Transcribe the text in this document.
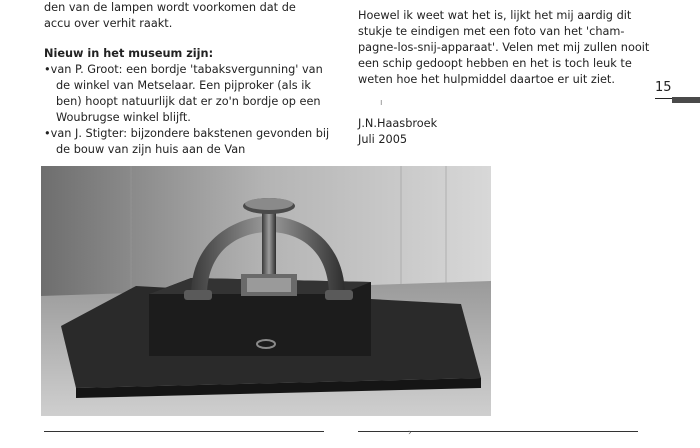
den van de lampen wordt voorkomen dat de
accu over verhit raakt.
Nieuw in het museum zijn:
•van P. Groot: een bordje 'tabaksvergunning' van
de winkel van Metselaar. Een pijproker (als ik
ben) hoopt natuurlijk dat er zo'n bordje op een
Woubrugse winkel blijft.
•van J. Stigter: bijzondere bakstenen gevonden bij
de bouw van zijn huis aan de Van
Hoewel ik weet wat het is, lijkt het mij aardig dit
stukje te eindigen met een foto van het 'cham-
pagne-los-snij-apparaat'. Velen met mij zullen nooit
een schip gedoopt hebben en het is toch leuk te
weten hoe het hulpmiddel daartoe er uit ziet.
J.N.Haasbroek
Juli 2005
ı
15
›
